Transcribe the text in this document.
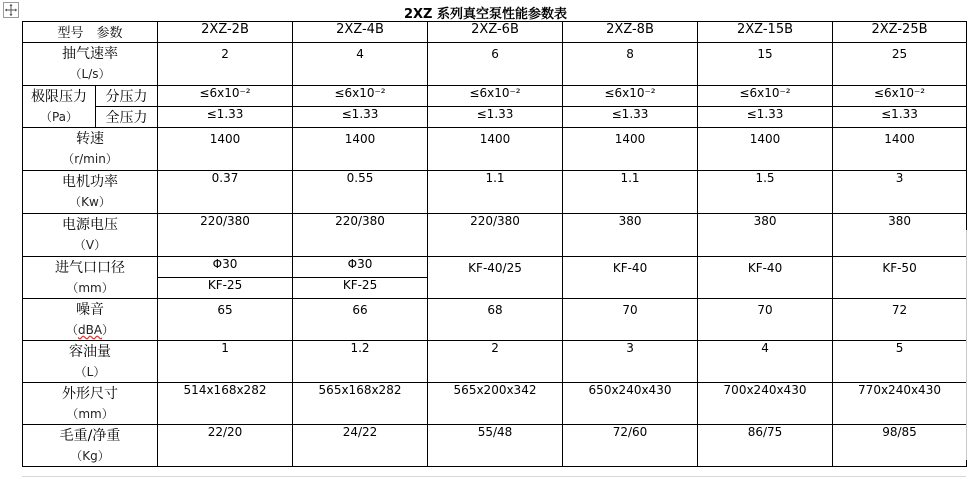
2XZ 系列真空泵性能参数表
型号　参数		2XZ-2B	2XZ-4B	2XZ-6B	2XZ-8B	2XZ-15B	2XZ-25B

抽气速率
（L/s）		2	4	6	8	15	25

极限压力
（Pa）	分压力	≤6x10⁻²	≤6x10⁻²	≤6x10⁻²	≤6x10⁻²	≤6x10⁻²	≤6x10⁻²
	全压力	≤1.33	≤1.33	≤1.33	≤1.33	≤1.33	≤1.33

转速
（r/min）		1400	1400	1400	1400	1400	1400

电机功率
（Kw）		0.37	0.55	1.1	1.1	1.5	3

电源电压
（V）		220/380	220/380	220/380	380	380	380

进气口口径
（mm）		Φ30	Φ30	KF-40/25	KF-40	KF-40	KF-50

		KF-25	KF-25				

噪音
（dBA）		65	66	68	70	70	72

容油量
（L）		1	1.2	2	3	4	5

外形尺寸
（mm）		514x168x282	565x168x282	565x200x342	650x240x430	700x240x430	770x240x430

毛重/净重
（Kg）		22/20	24/22	55/48	72/60	86/75	98/85
